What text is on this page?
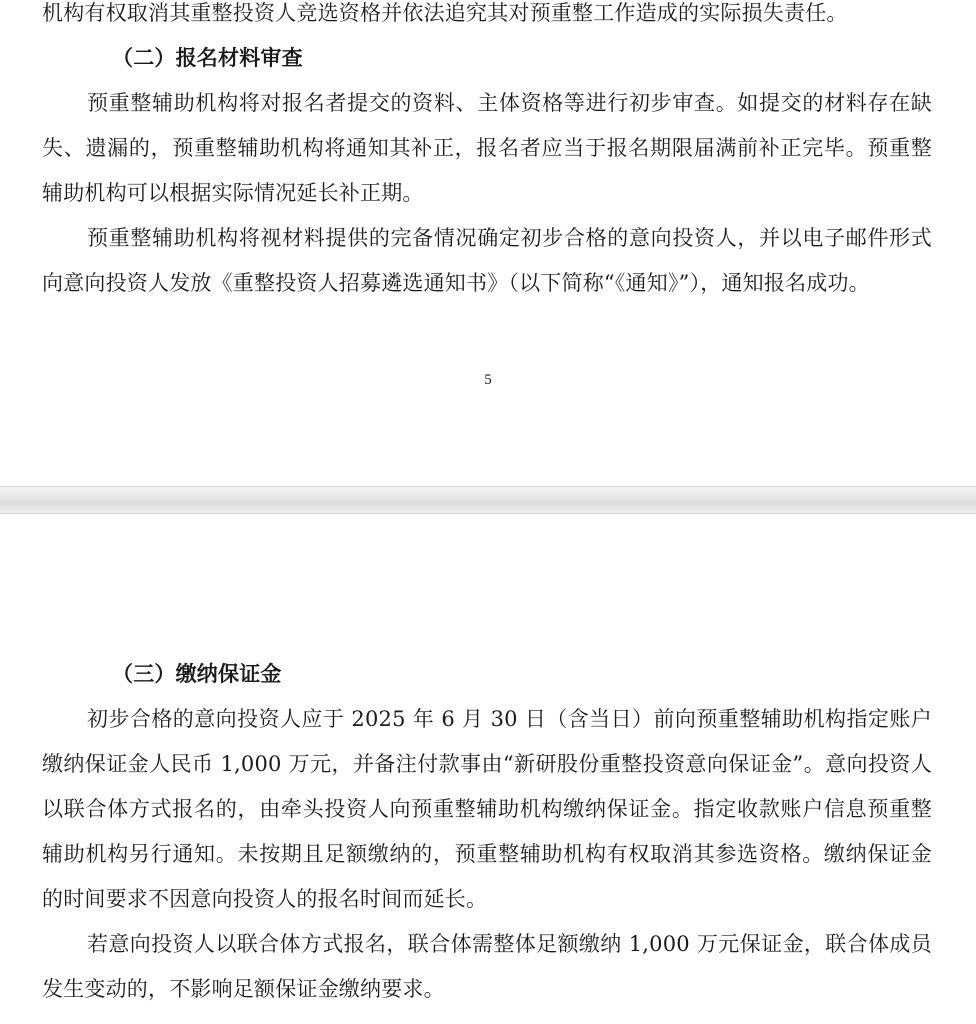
机构有权取消其重整投资人竞选资格并依法追究其对预重整工作造成的实际损失责任。

（二）报名材料审查

预重整辅助机构将对报名者提交的资料、主体资格等进行初步审查。如提交的材料存在缺失、遗漏的，预重整辅助机构将通知其补正，报名者应当于报名期限届满前补正完毕。预重整辅助机构可以根据实际情况延长补正期。

预重整辅助机构将视材料提供的完备情况确定初步合格的意向投资人，并以电子邮件形式向意向投资人发放《重整投资人招募遴选通知书》（以下简称“《通知》”），通知报名成功。

5

（三）缴纳保证金

初步合格的意向投资人应于 2025 年 6 月 30 日（含当日）前向预重整辅助机构指定账户缴纳保证金人民币 1,000 万元，并备注付款事由“新研股份重整投资意向保证金”。意向投资人以联合体方式报名的，由牵头投资人向预重整辅助机构缴纳保证金。指定收款账户信息预重整辅助机构另行通知。未按期且足额缴纳的，预重整辅助机构有权取消其参选资格。缴纳保证金的时间要求不因意向投资人的报名时间而延长。

若意向投资人以联合体方式报名，联合体需整体足额缴纳 1,000 万元保证金，联合体成员发生变动的，不影响足额保证金缴纳要求。
